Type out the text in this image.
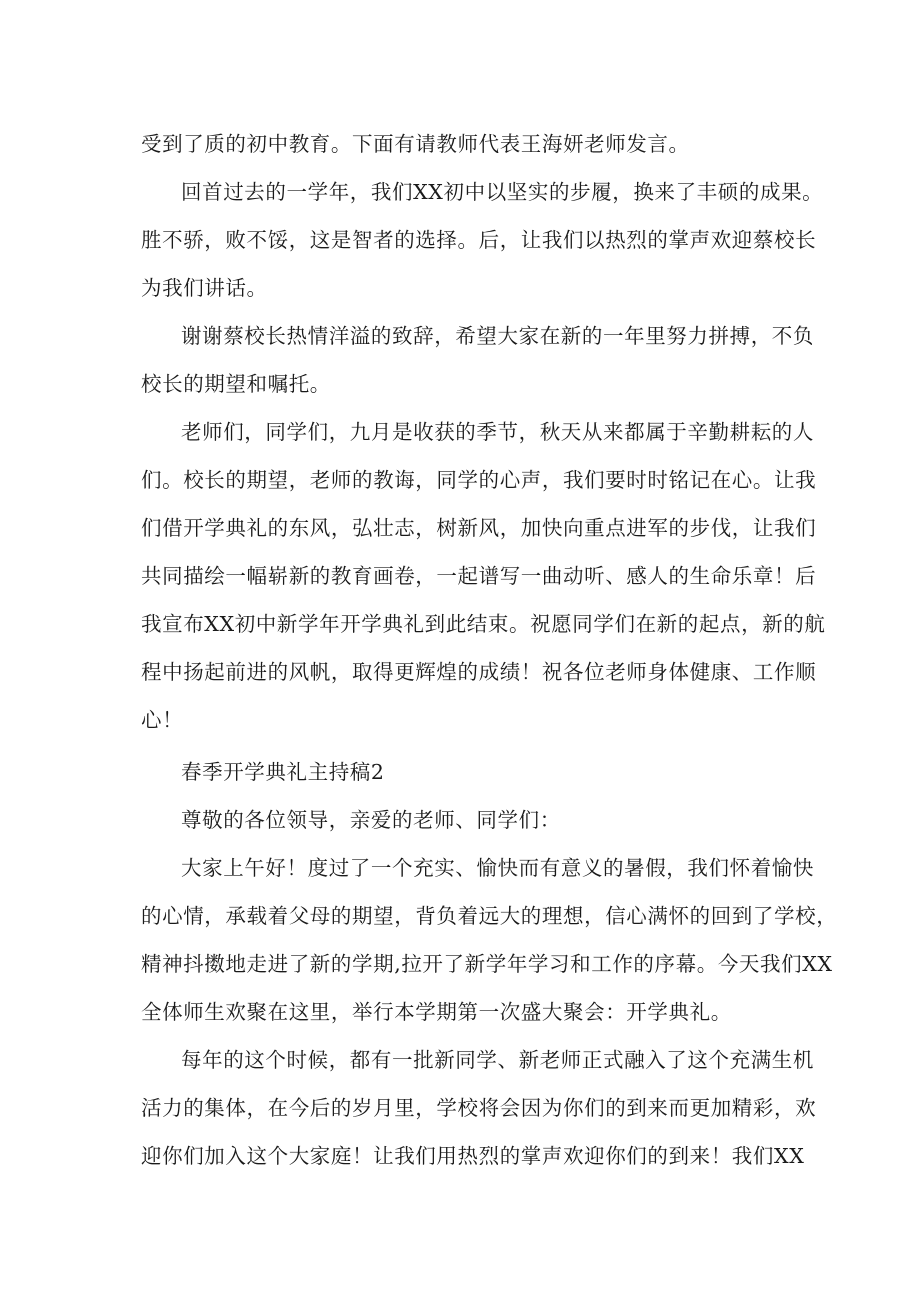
受到了质的初中教育。下面有请教师代表王海妍老师发言。
回首过去的一学年，我们XX初中以坚实的步履，换来了丰硕的成果。
胜不骄，败不馁，这是智者的选择。后，让我们以热烈的掌声欢迎蔡校长
为我们讲话。
谢谢蔡校长热情洋溢的致辞，希望大家在新的一年里努力拼搏，不负
校长的期望和嘱托。
老师们，同学们，九月是收获的季节，秋天从来都属于辛勤耕耘的人
们。校长的期望，老师的教诲，同学的心声，我们要时时铭记在心。让我
们借开学典礼的东风，弘壮志，树新风，加快向重点进军的步伐，让我们
共同描绘一幅崭新的教育画卷，一起谱写一曲动听、感人的生命乐章！后
我宣布XX初中新学年开学典礼到此结束。祝愿同学们在新的起点，新的航
程中扬起前进的风帆，取得更辉煌的成绩！祝各位老师身体健康、工作顺
心！
春季开学典礼主持稿2
尊敬的各位领导，亲爱的老师、同学们：
大家上午好！度过了一个充实、愉快而有意义的暑假，我们怀着愉快
的心情，承载着父母的期望，背负着远大的理想，信心满怀的回到了学校，
精神抖擞地走进了新的学期,拉开了新学年学习和工作的序幕。今天我们XX
全体师生欢聚在这里，举行本学期第一次盛大聚会：开学典礼。
每年的这个时候，都有一批新同学、新老师正式融入了这个充满生机
活力的集体，在今后的岁月里，学校将会因为你们的到来而更加精彩，欢
迎你们加入这个大家庭！让我们用热烈的掌声欢迎你们的到来！我们XX
